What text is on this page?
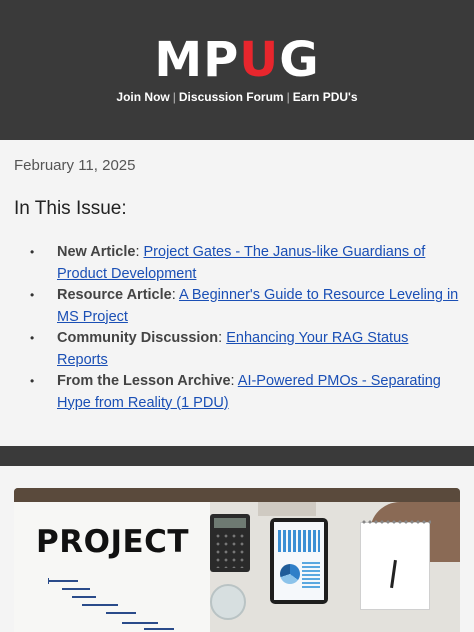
MPUG
Join Now | Discussion Forum | Earn PDU's
February 11, 2025
In This Issue:
• New Article: Project Gates - The Janus-like Guardians of Product Development
• Resource Article: A Beginner's Guide to Resource Leveling in MS Project
• Community Discussion: Enhancing Your RAG Status Reports
• From the Lesson Archive: AI-Powered PMOs - Separating Hype from Reality (1 PDU)
PROJECT
